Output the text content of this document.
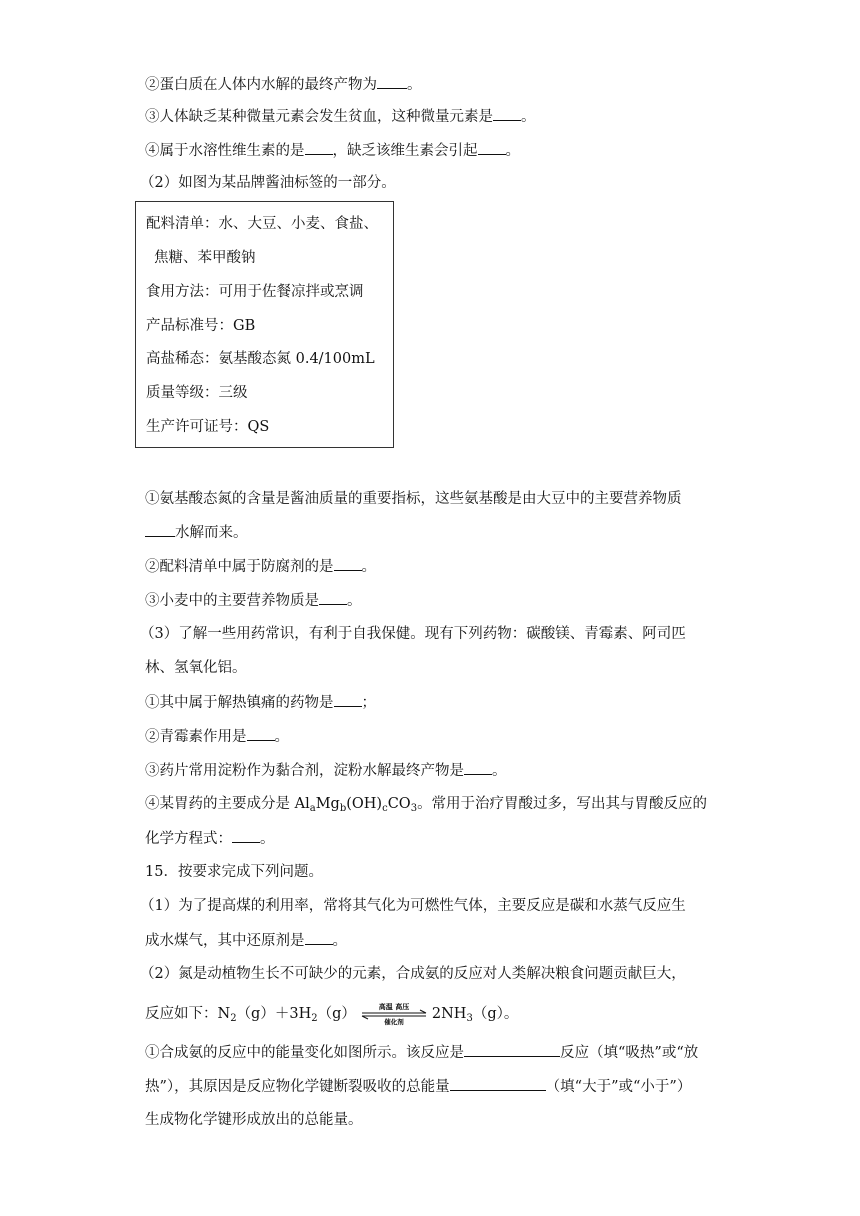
②蛋白质在人体内水解的最终产物为 。
③人体缺乏某种微量元素会发生贫血，这种微量元素是 。
④属于水溶性维生素的是 ，缺乏该维生素会引起 。
（2）如图为某品牌酱油标签的一部分。
配料清单：水、大豆、小麦、食盐、
焦糖、苯甲酸钠
食用方法：可用于佐餐凉拌或烹调
产品标准号：GB
高盐稀态：氨基酸态氮 0.4/100mL
质量等级：三级
生产许可证号：QS
①氨基酸态氮的含量是酱油质量的重要指标，这些氨基酸是由大豆中的主要营养物质
水解而来。
②配料清单中属于防腐剂的是 。
③小麦中的主要营养物质是 。
（3）了解一些用药常识，有利于自我保健。现有下列药物：碳酸镁、青霉素、阿司匹
林、氢氧化铝。
①其中属于解热镇痛的药物是 ；
②青霉素作用是 。
③药片常用淀粉作为黏合剂，淀粉水解最终产物是 。
④某胃药的主要成分是 $Al_aMg_b(OH)_cCO_3$。常用于治疗胃酸过多，写出其与胃酸反应的
化学方程式： 。
15．按要求完成下列问题。
（1）为了提高煤的利用率，常将其气化为可燃性气体，主要反应是碳和水蒸气反应生
成水煤气，其中还原剂是 。
（2）氮是动植物生长不可缺少的元素，合成氨的反应对人类解决粮食问题贡献巨大，
反应如下：$N_2(g)+3H_2(g)$	高温 高压
催化剂 $2NH_3(g)$。
①合成氨的反应中的能量变化如图所示。该反应是	反应（填“吸热”或“放
热”），其原因是反应物化学键断裂吸收的总能量	（填“大于”或“小于”）
生成物化学键形成放出的总能量。
